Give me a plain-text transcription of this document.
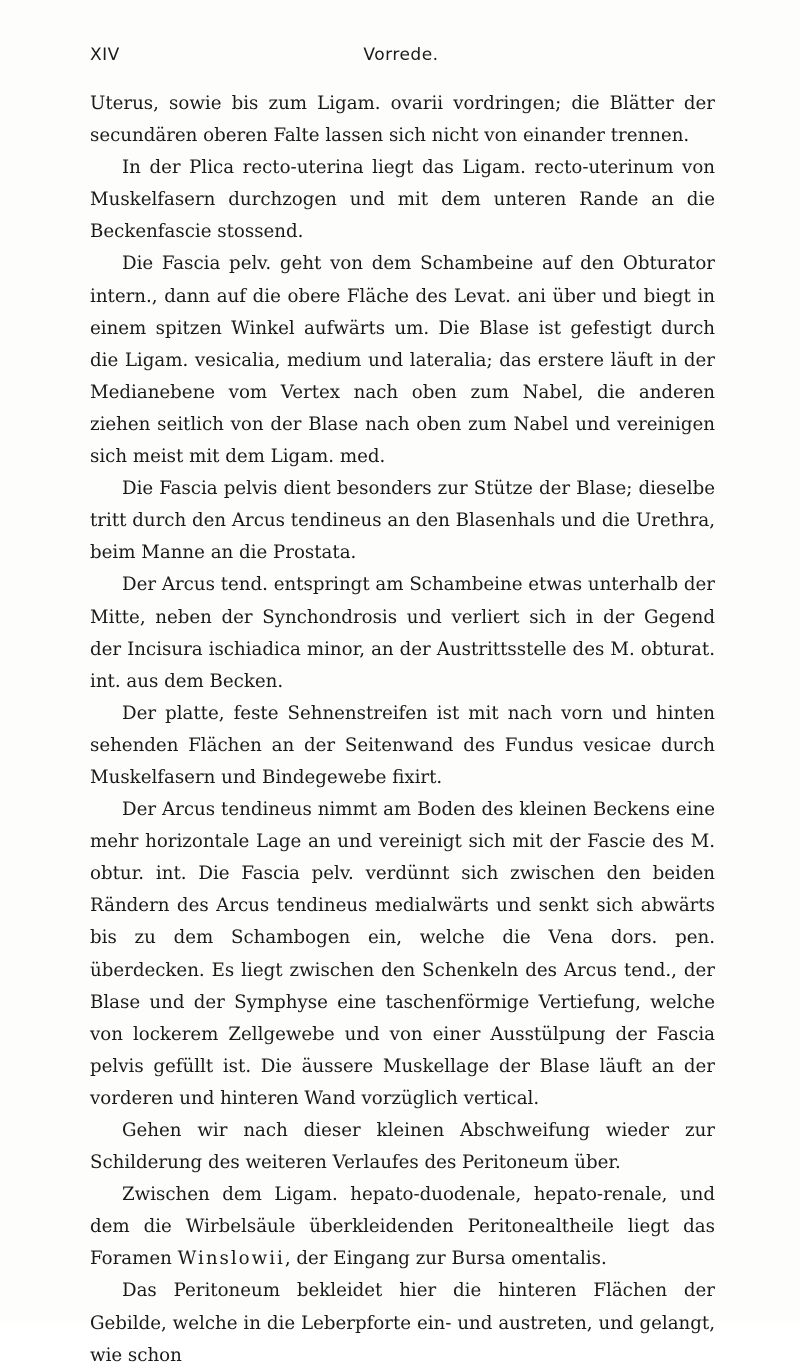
XIV	Vorrede.

Uterus, sowie bis zum Ligam. ovarii vordringen; die Blätter der secundären oberen Falte lassen sich nicht von einander trennen.

In der Plica recto-uterina liegt das Ligam. recto-uterinum von Muskelfasern durchzogen und mit dem unteren Rande an die Beckenfascie stossend.

Die Fascia pelv. geht von dem Schambeine auf den Obturator intern., dann auf die obere Fläche des Levat. ani über und biegt in einem spitzen Winkel aufwärts um. Die Blase ist gefestigt durch die Ligam. vesicalia, medium und lateralia; das erstere läuft in der Medianebene vom Vertex nach oben zum Nabel, die anderen ziehen seitlich von der Blase nach oben zum Nabel und vereinigen sich meist mit dem Ligam. med.

Die Fascia pelvis dient besonders zur Stütze der Blase; dieselbe tritt durch den Arcus tendineus an den Blasenhals und die Urethra, beim Manne an die Prostata.

Der Arcus tend. entspringt am Schambeine etwas unterhalb der Mitte, neben der Synchondrosis und verliert sich in der Gegend der Incisura ischiadica minor, an der Austrittsstelle des M. obturat. int. aus dem Becken.

Der platte, feste Sehnenstreifen ist mit nach vorn und hinten sehenden Flächen an der Seitenwand des Fundus vesicae durch Muskelfasern und Bindegewebe fixirt.

Der Arcus tendineus nimmt am Boden des kleinen Beckens eine mehr horizontale Lage an und vereinigt sich mit der Fascie des M. obtur. int. Die Fascia pelv. verdünnt sich zwischen den beiden Rändern des Arcus tendineus medialwärts und senkt sich abwärts bis zu dem Schambogen ein, welche die Vena dors. pen. überdecken. Es liegt zwischen den Schenkeln des Arcus tend., der Blase und der Symphyse eine taschenförmige Vertiefung, welche von lockerem Zellgewebe und von einer Ausstülpung der Fascia pelvis gefüllt ist. Die äussere Muskellage der Blase läuft an der vorderen und hinteren Wand vorzüglich vertical.

Gehen wir nach dieser kleinen Abschweifung wieder zur Schilderung des weiteren Verlaufes des Peritoneum über.

Zwischen dem Ligam. hepato-duodenale, hepato-renale, und dem die Wirbelsäule überkleidenden Peritonealtheile liegt das Foramen Winslowii, der Eingang zur Bursa omentalis.

Das Peritoneum bekleidet hier die hinteren Flächen der Gebilde, welche in die Leberpforte ein- und austreten, und gelangt, wie schon
